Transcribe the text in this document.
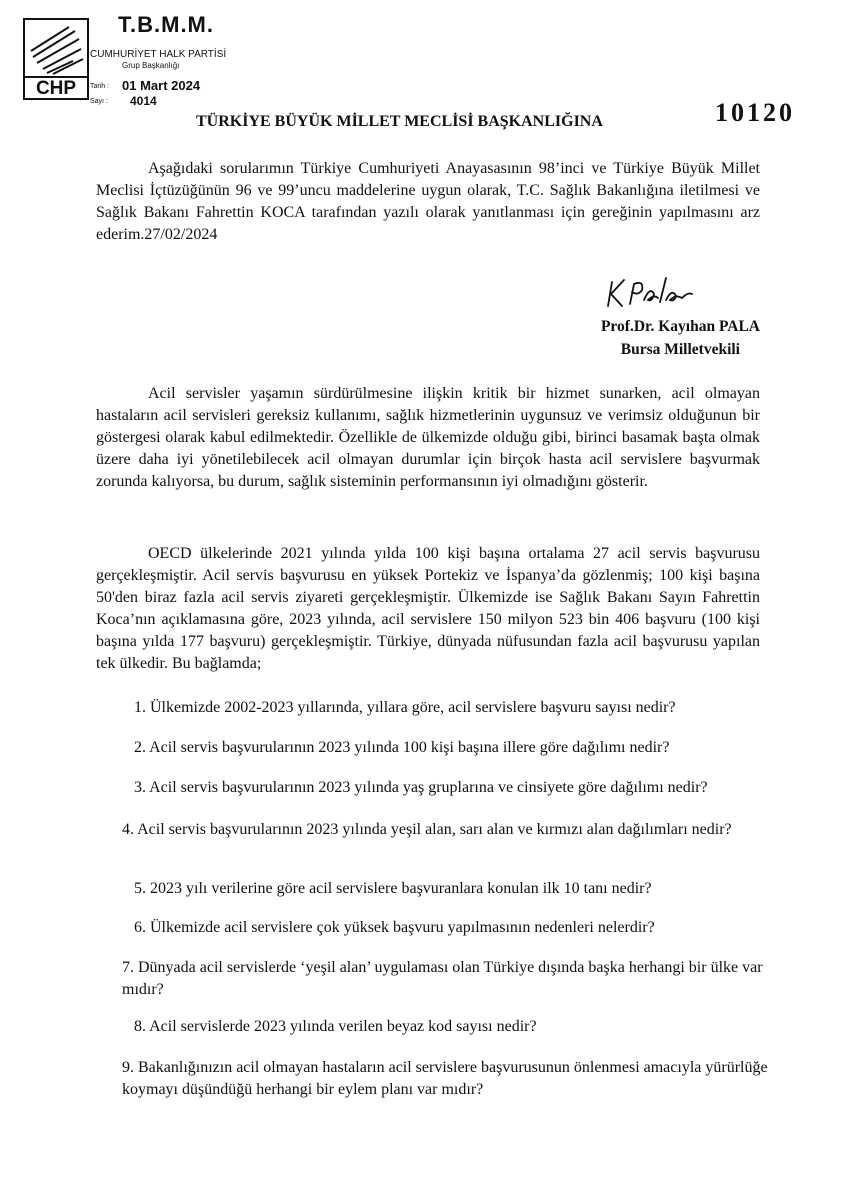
CHP
T.B.M.M.
CUMHURİYET HALK PARTİSİ
Grup Başkanlığı
Tarih : 01 Mart 2024
Sayı : 4014	10120
TÜRKİYE BÜYÜK MİLLET MECLİSİ BAŞKANLIĞINA

Aşağıdaki sorularımın Türkiye Cumhuriyeti Anayasasının 98’inci ve Türkiye Büyük Millet Meclisi İçtüzüğünün 96 ve 99’uncu maddelerine uygun olarak, T.C. Sağlık Bakanlığına iletilmesi ve Sağlık Bakanı Fahrettin KOCA tarafından yazılı olarak yanıtlanması için gereğinin yapılmasını arz ederim.27/02/2024

Prof.Dr. Kayıhan PALA
Bursa Milletvekili

Acil servisler yaşamın sürdürülmesine ilişkin kritik bir hizmet sunarken, acil olmayan hastaların acil servisleri gereksiz kullanımı, sağlık hizmetlerinin uygunsuz ve verimsiz olduğunun bir göstergesi olarak kabul edilmektedir. Özellikle de ülkemizde olduğu gibi, birinci basamak başta olmak üzere daha iyi yönetilebilecek acil olmayan durumlar için birçok hasta acil servislere başvurmak zorunda kalıyorsa, bu durum, sağlık sisteminin performansının iyi olmadığını gösterir.

OECD ülkelerinde 2021 yılında yılda 100 kişi başına ortalama 27 acil servis başvurusu gerçekleşmiştir. Acil servis başvurusu en yüksek Portekiz ve İspanya’da gözlenmiş; 100 kişi başına 50'den biraz fazla acil servis ziyareti gerçekleşmiştir. Ülkemizde ise Sağlık Bakanı Sayın Fahrettin Koca’nın açıklamasına göre, 2023 yılında, acil servislere 150 milyon 523 bin 406 başvuru (100 kişi başına yılda 177 başvuru) gerçekleşmiştir. Türkiye, dünyada nüfusundan fazla acil başvurusu yapılan tek ülkedir. Bu bağlamda;

1. Ülkemizde 2002-2023 yıllarında, yıllara göre, acil servislere başvuru sayısı nedir?

2. Acil servis başvurularının 2023 yılında 100 kişi başına illere göre dağılımı nedir?

3. Acil servis başvurularının 2023 yılında yaş gruplarına ve cinsiyete göre dağılımı nedir?

4. Acil servis başvurularının 2023 yılında yeşil alan, sarı alan ve kırmızı alan dağılımları nedir?

5. 2023 yılı verilerine göre acil servislere başvuranlara konulan ilk 10 tanı nedir?

6. Ülkemizde acil servislere çok yüksek başvuru yapılmasının nedenleri nelerdir?

7. Dünyada acil servislerde ‘yeşil alan’ uygulaması olan Türkiye dışında başka herhangi bir ülke var mıdır?

8. Acil servislerde 2023 yılında verilen beyaz kod sayısı nedir?

9. Bakanlığınızın acil olmayan hastaların acil servislere başvurusunun önlenmesi amacıyla yürürlüğe koymayı düşündüğü herhangi bir eylem planı var mıdır?
